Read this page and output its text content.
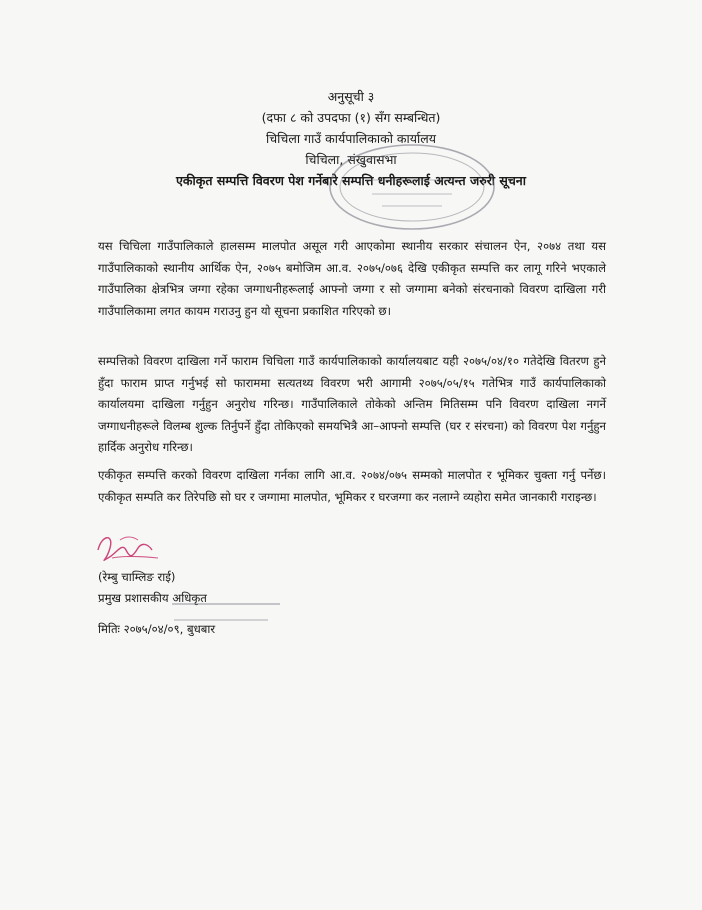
अनुसूची ३
(दफा ८ को उपदफा (१) सँग सम्बन्धित)
चिचिला गाउँ कार्यपालिकाको कार्यालय
चिचिला, संखुवासभा
एकीकृत सम्पत्ति विवरण पेश गर्नेबारे सम्पत्ति धनीहरूलाई अत्यन्त जरुरी सूचना

यस चिचिला गाउँपालिकाले हालसम्म मालपोत असूल गरी आएकोमा स्थानीय सरकार संचालन ऐन, २०७४ तथा यस गाउँपालिकाको स्थानीय आर्थिक ऐन, २०७५ बमोजिम आ.व. २०७५/०७६ देखि एकीकृत सम्पत्ति कर लागू गरिने भएकाले गाउँपालिका क्षेत्रभित्र जग्गा रहेका जग्गाधनीहरूलाई आफ्नो जग्गा र सो जग्गामा बनेको संरचनाको विवरण दाखिला गरी गाउँपालिकामा लगत कायम गराउनु हुन यो सूचना प्रकाशित गरिएको छ।

सम्पत्तिको विवरण दाखिला गर्ने फाराम चिचिला गाउँ कार्यपालिकाको कार्यालयबाट यही २०७५/०४/१० गतेदेखि वितरण हुने हुँदा फाराम प्राप्त गर्नुभई सो फाराममा सत्यतथ्य विवरण भरी आगामी २०७५/०५/१५ गतेभित्र गाउँ कार्यपालिकाको कार्यालयमा दाखिला गर्नुहुन अनुरोध गरिन्छ। गाउँपालिकाले तोकेको अन्तिम मितिसम्म पनि विवरण दाखिला नगर्ने जग्गाधनीहरूले विलम्ब शुल्क तिर्नुपर्ने हुँदा तोकिएको समयभित्रै आ–आफ्नो सम्पत्ति (घर र संरचना) को विवरण पेश गर्नुहुन हार्दिक अनुरोध गरिन्छ।

एकीकृत सम्पत्ति करको विवरण दाखिला गर्नका लागि आ.व. २०७४/०७५ सम्मको मालपोत र भूमिकर चुक्ता गर्नु पर्नेछ। एकीकृत सम्पति कर तिरेपछि सो घर र जग्गामा मालपोत, भूमिकर र घरजग्गा कर नलाग्ने व्यहोरा समेत जानकारी गराइन्छ।

(रेम्बु चाम्लिङ राई)
प्रमुख प्रशासकीय अधिकृत
मितिः २०७५/०४/०९, बुधबार
